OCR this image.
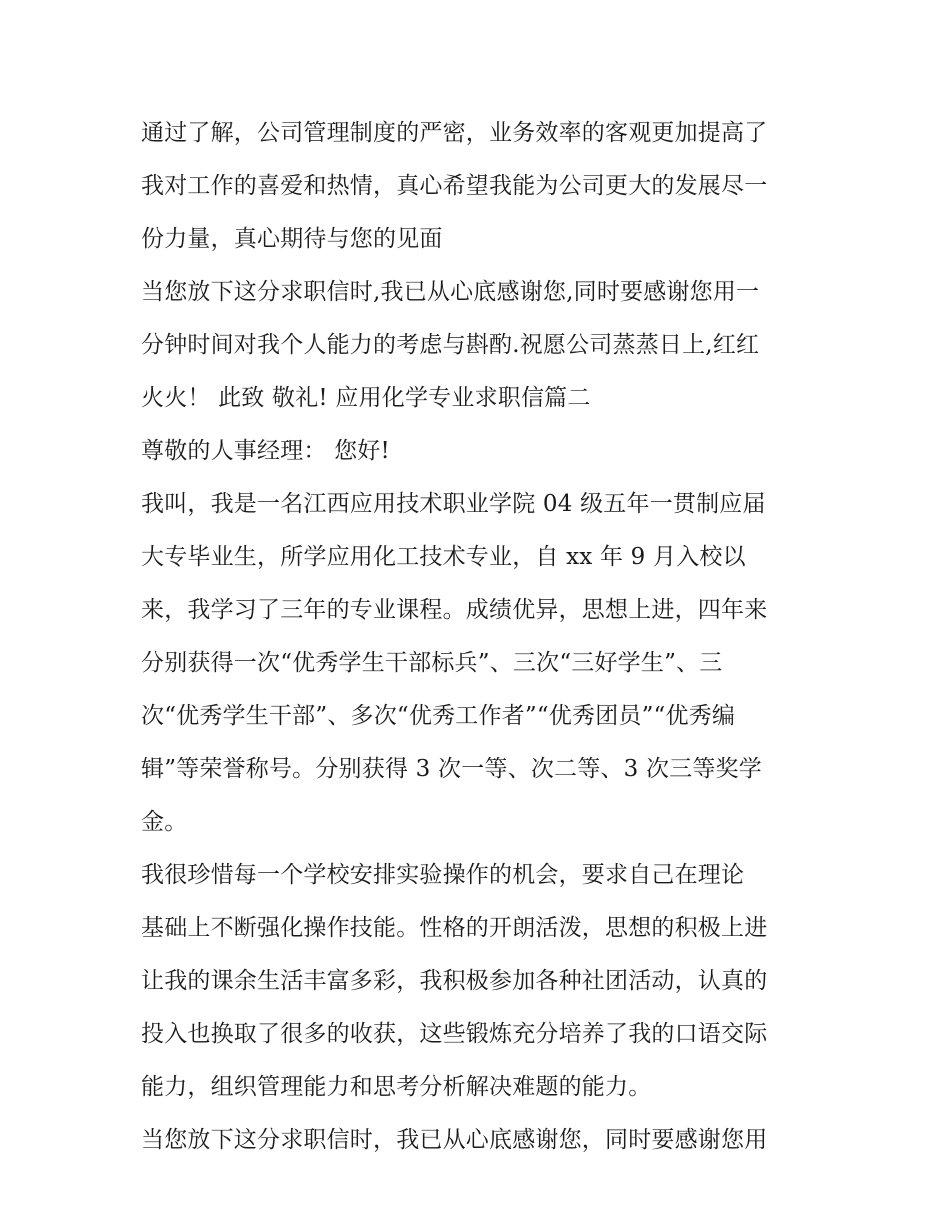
通过了解，公司管理制度的严密，业务效率的客观更加提高了
我对工作的喜爱和热情，真心希望我能为公司更大的发展尽一
份力量，真心期待与您的见面
当您放下这分求职信时,我已从心底感谢您,同时要感谢您用一
分钟时间对我个人能力的考虑与斟酌.祝愿公司蒸蒸日上,红红
火火！ 此致 敬礼! 应用化学专业求职信篇二
尊敬的人事经理： 您好!
我叫，我是一名江西应用技术职业学院 04 级五年一贯制应届
大专毕业生，所学应用化工技术专业，自 xx 年 9 月入校以
来，我学习了三年的专业课程。成绩优异，思想上进，四年来
分别获得一次“优秀学生干部标兵”、三次“三好学生”、三
次“优秀学生干部”、多次“优秀工作者”“优秀团员”“优秀编
辑”等荣誉称号。分别获得 3 次一等、次二等、3 次三等奖学
金。
我很珍惜每一个学校安排实验操作的机会，要求自己在理论
基础上不断强化操作技能。性格的开朗活泼，思想的积极上进
让我的课余生活丰富多彩，我积极参加各种社团活动，认真的
投入也换取了很多的收获，这些锻炼充分培养了我的口语交际
能力，组织管理能力和思考分析解决难题的能力。
当您放下这分求职信时，我已从心底感谢您，同时要感谢您用
